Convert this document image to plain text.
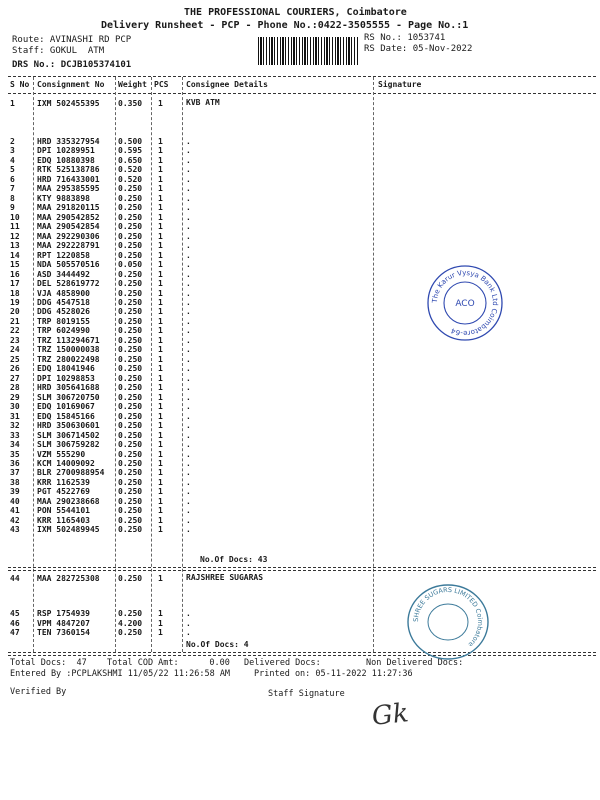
THE PROFESSIONAL COURIERS, Coimbatore
Delivery Runsheet - PCP - Phone No.:0422-3505555 - Page No.:1
Route: AVINASHI RD PCP
Staff: GOKUL  ATM
DRS No.: DCJB105374101
RS No.: 1053741
RS Date: 05-Nov-2022
S No Consignment No Weight PCS Consignee Details	Signature
KVB ATM
1	IXM 502455395 0.350 1
2	HRD 335327954 0.500 1	.
3	DPI 10289951	0.595 1	.
4	EDQ 10880398	0.650 1	.
5	RTK 525138786 0.520 1	.
6	HRD 716433001 0.520 1	.
7	MAA 295385595 0.250 1	.
8	KTY 9883898	0.250 1	.
9	MAA 291820115 0.250 1	.
10 MAA 290542852 0.250 1	.
11 MAA 290542854 0.250 1	.
12 MAA 292290306 0.250 1	.
13 MAA 292228791 0.250 1	.
14 RPT 1220858	0.250 1	.
15 NDA 505570516 0.050 1	.
16 ASD 3444492	0.250 1	.
17 DEL 528619772 0.250 1	.
18 VJA 4858900	0.250 1	.
19 DDG 4547518	0.250 1	.
20 DDG 4528026	0.250 1	.
21 TRP 8019155	0.250 1	.
22 TRP 6024990	0.250 1	.
23 TRZ 113294671 0.250 1	.
24 TRZ 150000038 0.250 1	.
25 TRZ 280022498 0.250 1	.
26 EDQ 18041946	0.250 1	.
27 DPI 10298853	0.250 1	.
28 HRD 305641688 0.250 1	.
29 SLM 306720750 0.250 1	.
30 EDQ 10169067	0.250 1	.
31 EDQ 15845166	0.250 1	.
32 HRD 350630601 0.250 1	.
33 SLM 306714502 0.250 1	.
34 SLM 306759282 0.250 1	.
35 VZM 555290	0.250 1	.
36 KCM 14009092	0.250 1	.
37 BLR 2700988954 0.250 1	.
38 KRR 1162539	0.250 1	.
39 PGT 4522769	0.250 1	.
40 MAA 290238668 0.250 1	.
41 PON 5544101	0.250 1	.
42 KRR 1165403	0.250 1	.
43 IXM 502489945 0.250 1	.
No.Of Docs: 43
RAJSHREE SUGARAS
44 MAA 282725308 0.250 1
45 RSP 1754939	0.250 1	.
46 VPM 4847207	4.200 1	.
47 TEN 7360154	0.250 1	.
No.Of Docs: 4
Total Docs:  47 Total COD Amt:      0.00 Delivered Docs:	Non Delivered Docs:
Entered By :PCPLAKSHMI 11/05/22 11:26:58 AM	Printed on: 05-11-2022 11:27:36
Verified By	Staff Signature
Gk
The Karur Vysya Bank Ltd Coimbatore-64
ACO
SHREE SUGARS LIMITED Coimbatore
